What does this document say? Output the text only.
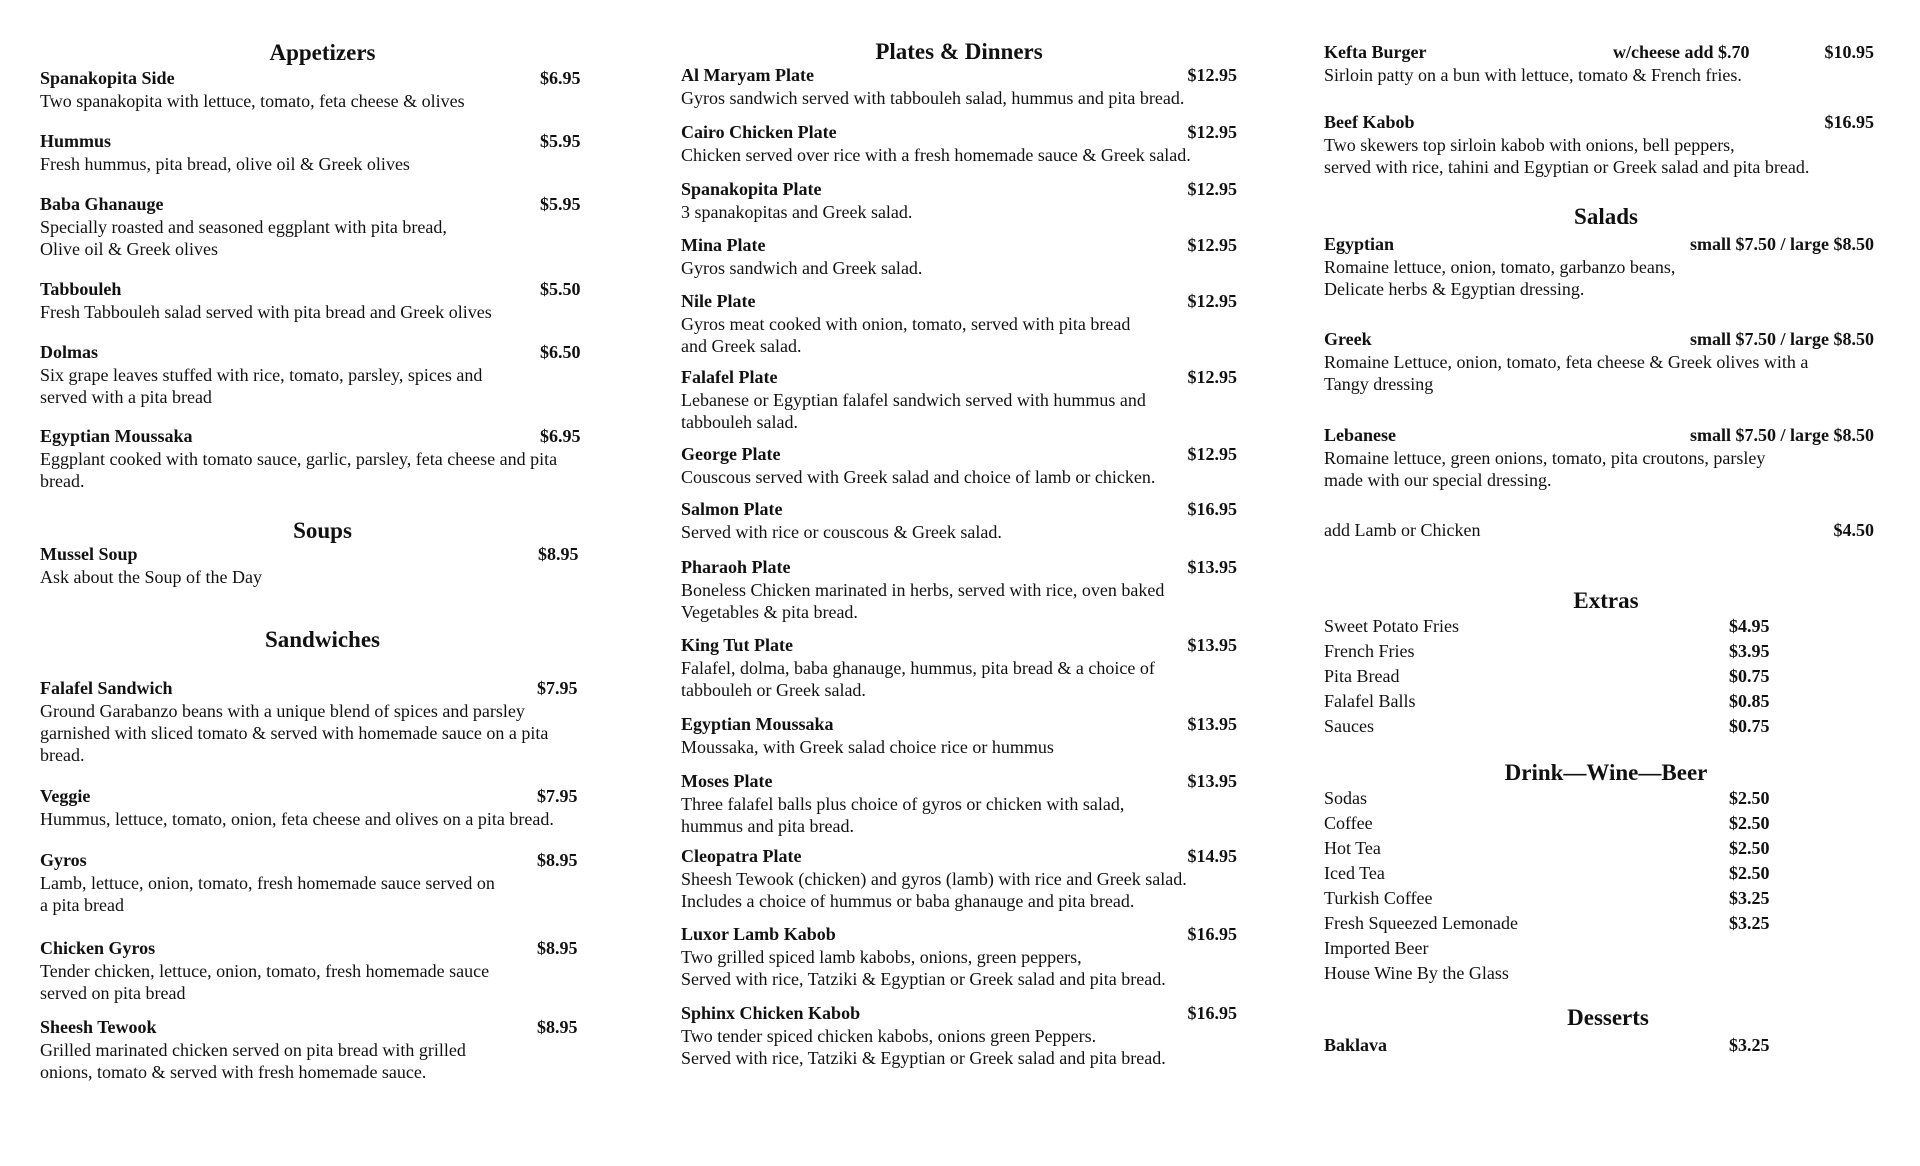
Appetizers
Spanakopita Side	$6.95

Two spanakopita with lettuce, tomato, feta cheese & olives

Hummus	$5.95

Fresh hummus, pita bread, olive oil & Greek olives

Baba Ghanauge	$5.95

Specially roasted and seasoned eggplant with pita bread,

Olive oil & Greek olives

Tabbouleh	$5.50

Fresh Tabbouleh salad served with pita bread and Greek olives

Dolmas	$6.50

Six grape leaves stuffed with rice, tomato, parsley, spices and

served with a pita bread

Egyptian Moussaka	$6.95

Eggplant cooked with tomato sauce, garlic, parsley, feta cheese and pita

bread.

Soups
Mussel Soup	$8.95

Ask about the Soup of the Day

Sandwiches
Falafel Sandwich	$7.95

Ground Garabanzo beans with a unique blend of spices and parsley

garnished with sliced tomato & served with homemade sauce on a pita

bread.

Veggie	$7.95

Hummus, lettuce, tomato, onion, feta cheese and olives on a pita bread.

Gyros	$8.95

Lamb, lettuce, onion, tomato, fresh homemade sauce served on

a pita bread

Chicken Gyros	$8.95

Tender chicken, lettuce, onion, tomato, fresh homemade sauce

served on pita bread

Sheesh Tewook	$8.95

Grilled marinated chicken served on pita bread with grilled

onions, tomato & served with fresh homemade sauce.

Plates & Dinners
Al Maryam Plate	$12.95

Gyros sandwich served with tabbouleh salad, hummus and pita bread.

Cairo Chicken Plate	$12.95

Chicken served over rice with a fresh homemade sauce & Greek salad.

Spanakopita Plate	$12.95

3 spanakopitas and Greek salad.

Mina Plate	$12.95

Gyros sandwich and Greek salad.

Nile Plate	$12.95

Gyros meat cooked with onion, tomato, served with pita bread

and Greek salad.

Falafel Plate	$12.95

Lebanese or Egyptian falafel sandwich served with hummus and

tabbouleh salad.

George Plate	$12.95

Couscous served with Greek salad and choice of lamb or chicken.

Salmon Plate	$16.95

Served with rice or couscous & Greek salad.

Pharaoh Plate	$13.95

Boneless Chicken marinated in herbs, served with rice, oven baked

Vegetables & pita bread.

King Tut Plate	$13.95

Falafel, dolma, baba ghanauge, hummus, pita bread & a choice of

tabbouleh or Greek salad.

Egyptian Moussaka	$13.95

Moussaka, with Greek salad choice rice or hummus

Moses Plate	$13.95

Three falafel balls plus choice of gyros or chicken with salad,

hummus and pita bread.

Cleopatra Plate	$14.95

Sheesh Tewook (chicken) and gyros (lamb) with rice and Greek salad.

Includes a choice of hummus or baba ghanauge and pita bread.

Luxor Lamb Kabob	$16.95

Two grilled spiced lamb kabobs, onions, green peppers,

Served with rice, Tatziki & Egyptian or Greek salad and pita bread.

Sphinx Chicken Kabob	$16.95

Two tender spiced chicken kabobs, onions green Peppers.

Served with rice, Tatziki & Egyptian or Greek salad and pita bread.

Kefta Burger	w/cheese add $.70	$10.95

Sirloin patty on a bun with lettuce, tomato & French fries.

Beef Kabob	$16.95

Two skewers top sirloin kabob with onions, bell peppers,

served with rice, tahini and Egyptian or Greek salad and pita bread.

Salads
Egyptian	small $7.50 / large $8.50

Romaine lettuce, onion, tomato, garbanzo beans,

Delicate herbs & Egyptian dressing.

Greek	small $7.50 / large $8.50

Romaine Lettuce, onion, tomato, feta cheese & Greek olives with a

Tangy dressing

Lebanese	small $7.50 / large $8.50

Romaine lettuce, green onions, tomato, pita croutons, parsley

made with our special dressing.

add Lamb or Chicken	$4.50
Extras
Sweet Potato Fries	$4.95
French Fries	$3.95
Pita Bread	$0.75
Falafel Balls	$0.85
Sauces	$0.75
Drink—Wine—Beer
Sodas	$2.50
Coffee	$2.50
Hot Tea	$2.50
Iced Tea	$2.50
Turkish Coffee	$3.25
Fresh Squeezed Lemonade	$3.25
Imported Beer
House Wine By the Glass
Desserts
Baklava	$3.25
